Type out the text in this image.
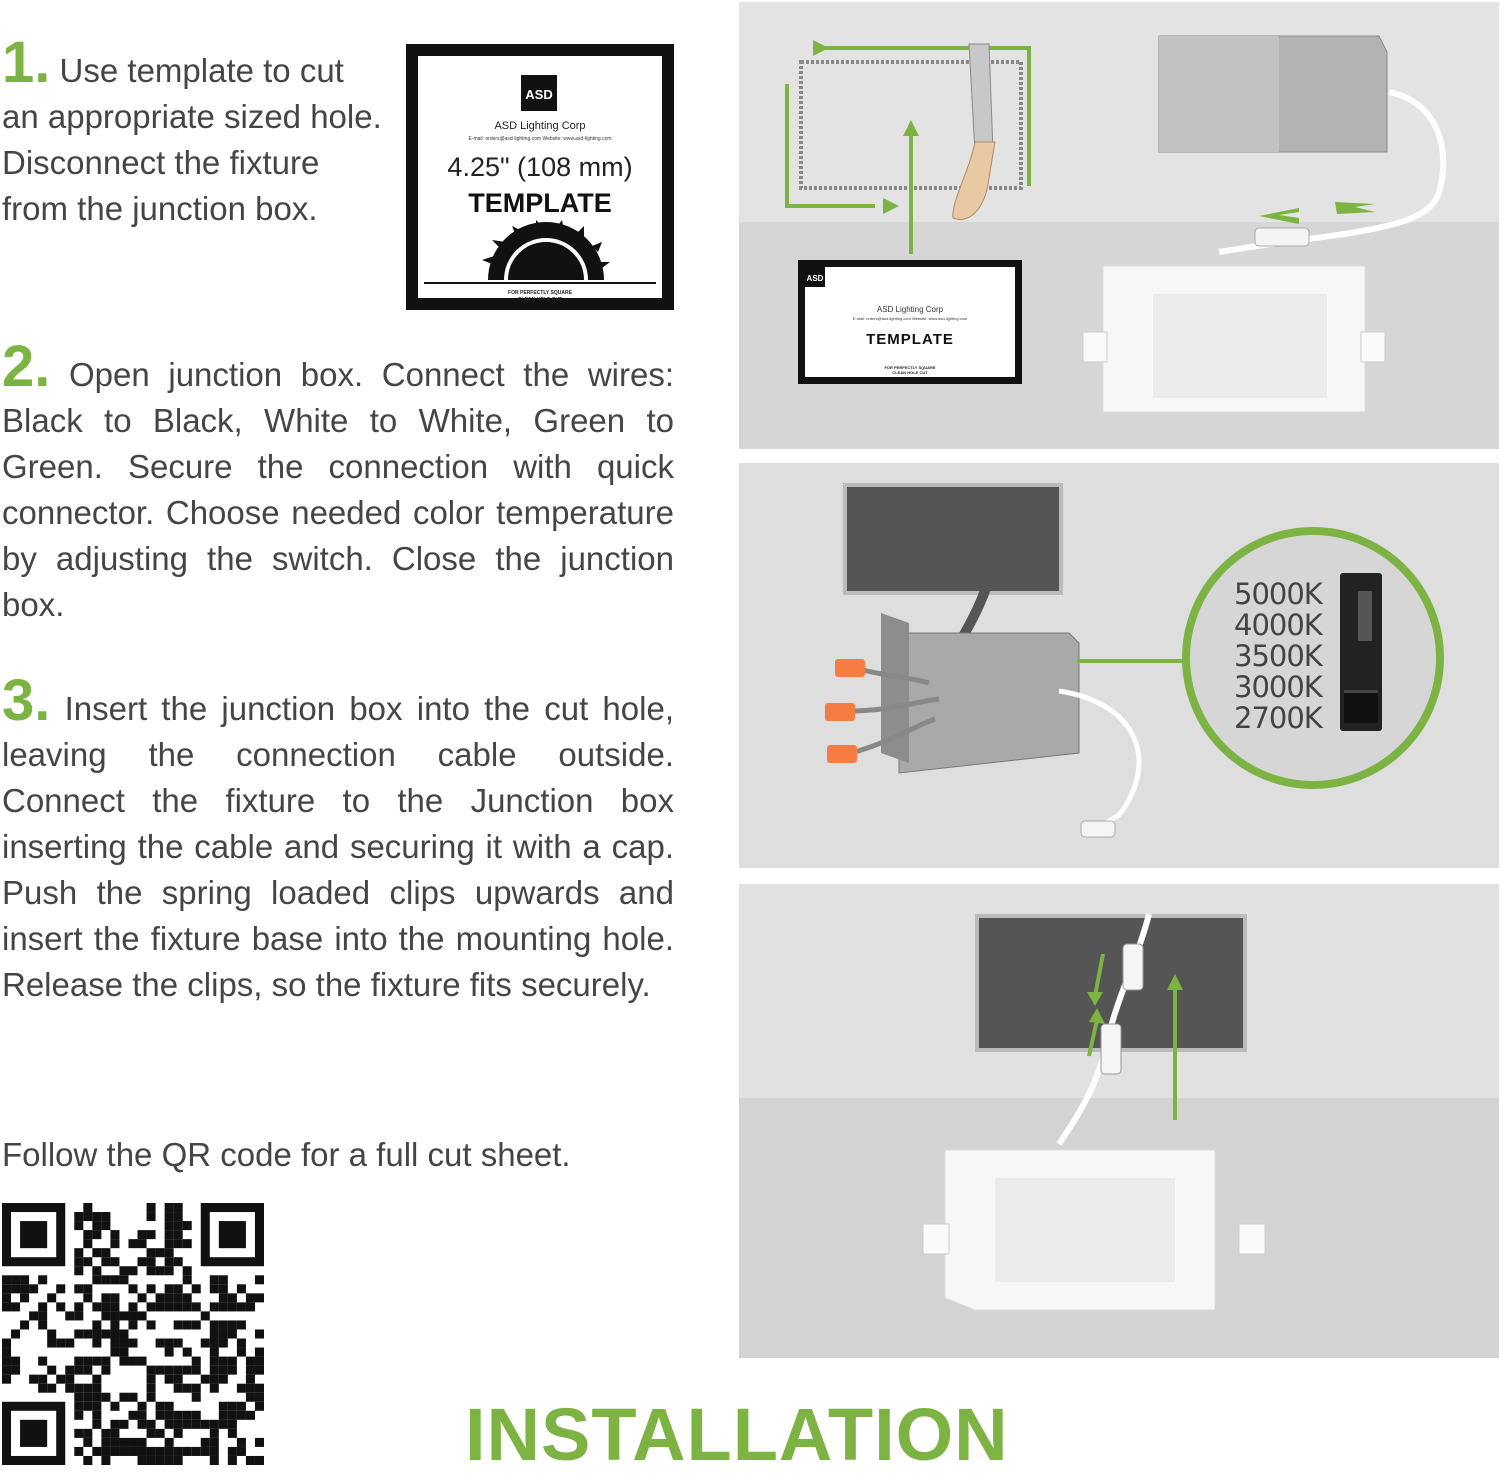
1. Use template to cut an appropriate sized hole. Disconnect the fixture from the junction box.
2. Open junction box. Connect the wires: Black to Black, White to White, Green to Green. Secure the connection with quick connector. Choose needed color temperature by adjusting the switch. Close the junction box.
3. Insert the junction box into the cut hole, leaving the connection cable outside. Connect the fixture to the Junction box inserting the cable and securing it with a cap. Push the spring loaded clips upwards and insert the fixture base into the mounting hole. Release the clips, so the fixture fits securely.
ASD
ASD Lighting Corp
E-mail: orders@asd-lighting.com Website: www.asd-lighting.com
4.25" (108 mm)
TEMPLATE
FOR PERFECTLY SQUARE
CLEAN HOLE CUT
ASD
ASD Lighting Corp
E-mail: orders@asd-lighting.com Website: www.asd-lighting.com
TEMPLATE
FOR PERFECTLY SQUARE
CLEAN HOLE CUT
5000K
4000K
3500K
3000K
2700K
Follow the QR code for a full cut sheet.
INSTALLATION
